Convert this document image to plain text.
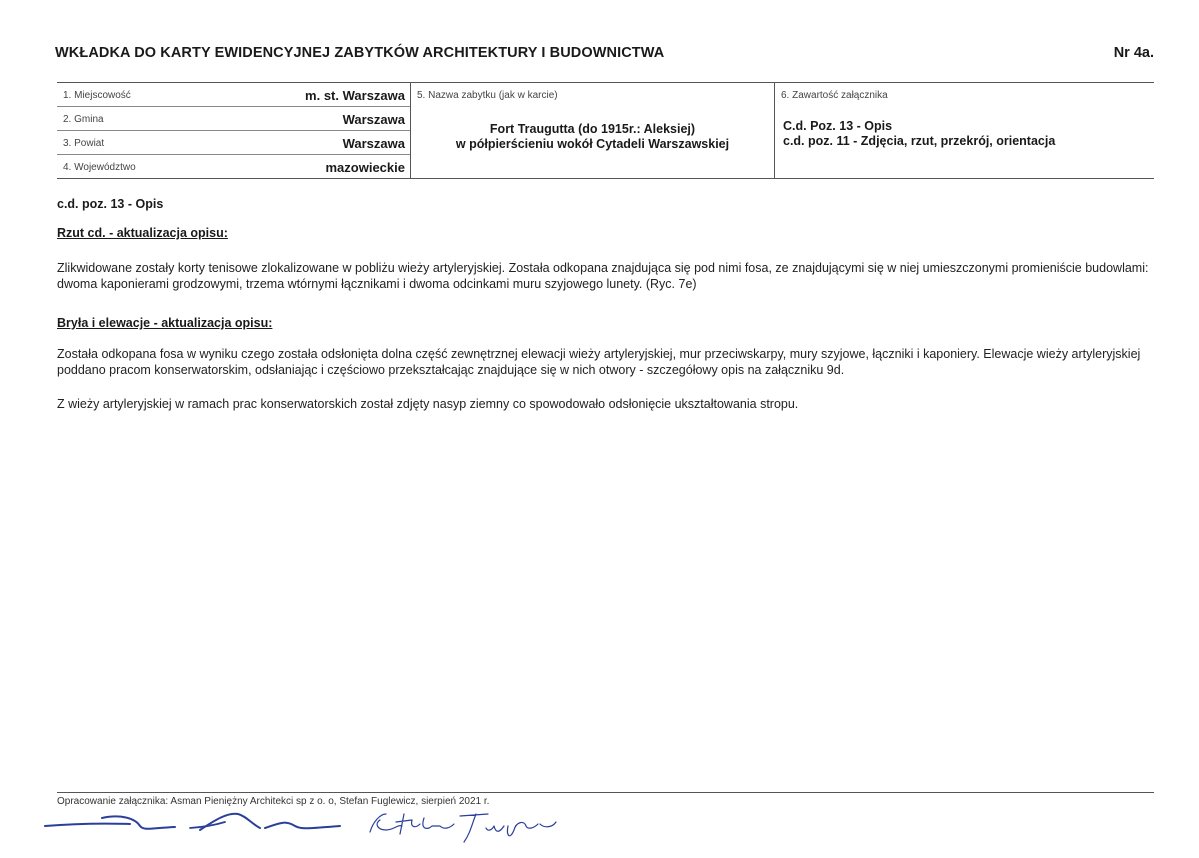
WKŁADKA DO KARTY EWIDENCYJNEJ ZABYTKÓW ARCHITEKTURY I BUDOWNICTWA	Nr 4a.
1. Miejscowość	m. st. Warszawa
2. Gmina	Warszawa
3. Powiat	Warszawa
4. Województwo	mazowieckie
5. Nazwa zabytku (jak w karcie)
Fort Traugutta (do 1915r.: Aleksiej)
w półpierścieniu wokół Cytadeli Warszawskiej
6. Zawartość załącznika
C.d. Poz. 13 - Opis
c.d. poz. 11 - Zdjęcia, rzut, przekrój, orientacja
c.d. poz. 13 - Opis
Rzut cd. - aktualizacja opisu:
Zlikwidowane zostały korty tenisowe zlokalizowane w pobliżu wieży artyleryjskiej. Została odkopana znajdująca się pod nimi fosa, ze znajdującymi się w niej umieszczonymi promieniście budowlami: dwoma kaponierami grodzowymi, trzema wtórnymi łącznikami i dwoma odcinkami muru szyjowego lunety. (Ryc. 7e)
Bryła i elewacje - aktualizacja opisu:
Została odkopana fosa w wyniku czego została odsłonięta dolna część zewnętrznej elewacji wieży artyleryjskiej, mur przeciwskarpy, mury szyjowe, łączniki i kaponiery. Elewacje wieży artyleryjskiej poddano pracom konserwatorskim, odsłaniając i częściowo przekształcając znajdujące się w nich otwory - szczegółowy opis na załączniku 9d.
Z wieży artyleryjskiej w ramach prac konserwatorskich został zdjęty nasyp ziemny co spowodowało odsłonięcie ukształtowania stropu.
Opracowanie załącznika: Asman Pieniężny Architekci sp z o. o, Stefan Fuglewicz, sierpień 2021 r.
